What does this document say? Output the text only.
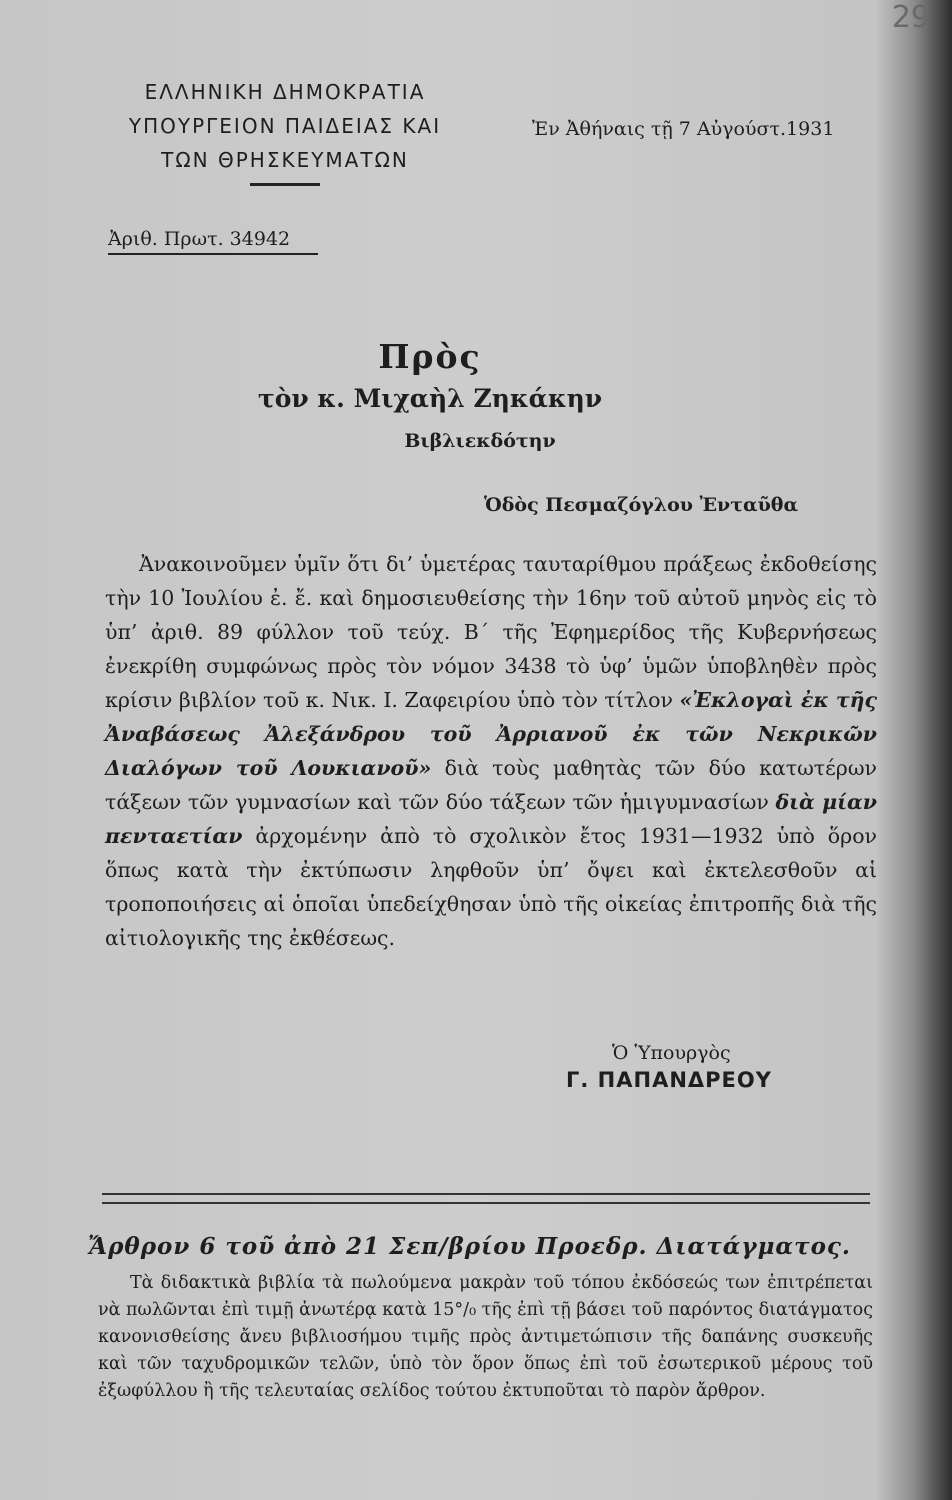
29
ΕΛΛΗΝΙΚΗ ΔΗΜΟΚΡΑΤΙΑ
ΥΠΟΥΡΓΕΙΟΝ ΠΑΙΔΕΙΑΣ ΚΑΙ
ΤΩΝ ΘΡΗΣΚΕΥΜΑΤΩΝ
Ἐν Ἀθήναις τῇ 7 Αὐγούστ.1931
Ἀριθ. Πρωτ. 34942
Πρὸς
τὸν κ. Μιχαὴλ Ζηκάκην
Βιβλιεκδότην
Ὁδὸς Πεσμαζόγλου Ἐνταῦθα
Ἀνακοινοῦμεν ὑμῖν ὅτι δι’ ὑμετέρας ταυταρίθμου πράξεως ἐκδοθείσης τὴν 10 Ἰουλίου ἐ. ἔ. καὶ δημοσιευθείσης τὴν 16ην τοῦ αὐτοῦ μηνὸς εἰς τὸ ὑπ’ ἀριθ. 89 φύλλον τοῦ τεύχ. Β΄ τῆς Ἐφημερίδος τῆς Κυβερνήσεως ἐνεκρίθη συμφώνως πρὸς τὸν νόμον 3438 τὸ ὑφ’ ὑμῶν ὑποβληθὲν πρὸς κρίσιν βιβλίον τοῦ κ. Νικ. Ι. Ζαφειρίου ὑπὸ τὸν τίτλον «Ἐκλογαὶ ἐκ τῆς Ἀναβάσεως Ἀλεξάνδρου τοῦ Ἀρριανοῦ ἐκ τῶν Νεκρικῶν Διαλόγων τοῦ Λουκιανοῦ» διὰ τοὺς μαθητὰς τῶν δύο κατωτέρων τάξεων τῶν γυμνασίων καὶ τῶν δύο τάξεων τῶν ἡμιγυμνασίων διὰ μίαν πενταετίαν ἀρχομένην ἀπὸ τὸ σχολικὸν ἔτος 1931—1932 ὑπὸ ὅρον ὅπως κατὰ τὴν ἐκτύπωσιν ληφθοῦν ὑπ’ ὄψει καὶ ἐκτελεσθοῦν αἱ τροποποιήσεις αἱ ὁποῖαι ὑπεδείχθησαν ὑπὸ τῆς οἰκείας ἐπιτροπῆς διὰ τῆς αἰτιολογικῆς της ἐκθέσεως.
Ὁ Ὑπουργὸς
Γ. ΠΑΠΑΝΔΡΕΟΥ
Ἄρθρον 6 τοῦ ἀπὸ 21 Σεπ/βρίου Προεδρ. Διατάγματος.
Τὰ διδακτικὰ βιβλία τὰ πωλούμενα μακρὰν τοῦ τόπου ἐκδόσεώς των ἐπιτρέπεται νὰ πωλῶνται ἐπὶ τιμῇ ἀνωτέρᾳ κατὰ 15°/₀ τῆς ἐπὶ τῇ βάσει τοῦ παρόντος διατάγματος κανονισθείσης ἄνευ βιβλιοσήμου τιμῆς πρὸς ἀντιμετώπισιν τῆς δαπάνης συσκευῆς καὶ τῶν ταχυδρομικῶν τελῶν, ὑπὸ τὸν ὅρον ὅπως ἐπὶ τοῦ ἐσωτερικοῦ μέρους τοῦ ἐξωφύλλου ἢ τῆς τελευταίας σελίδος τούτου ἐκτυποῦται τὸ παρὸν ἄρθρον.
